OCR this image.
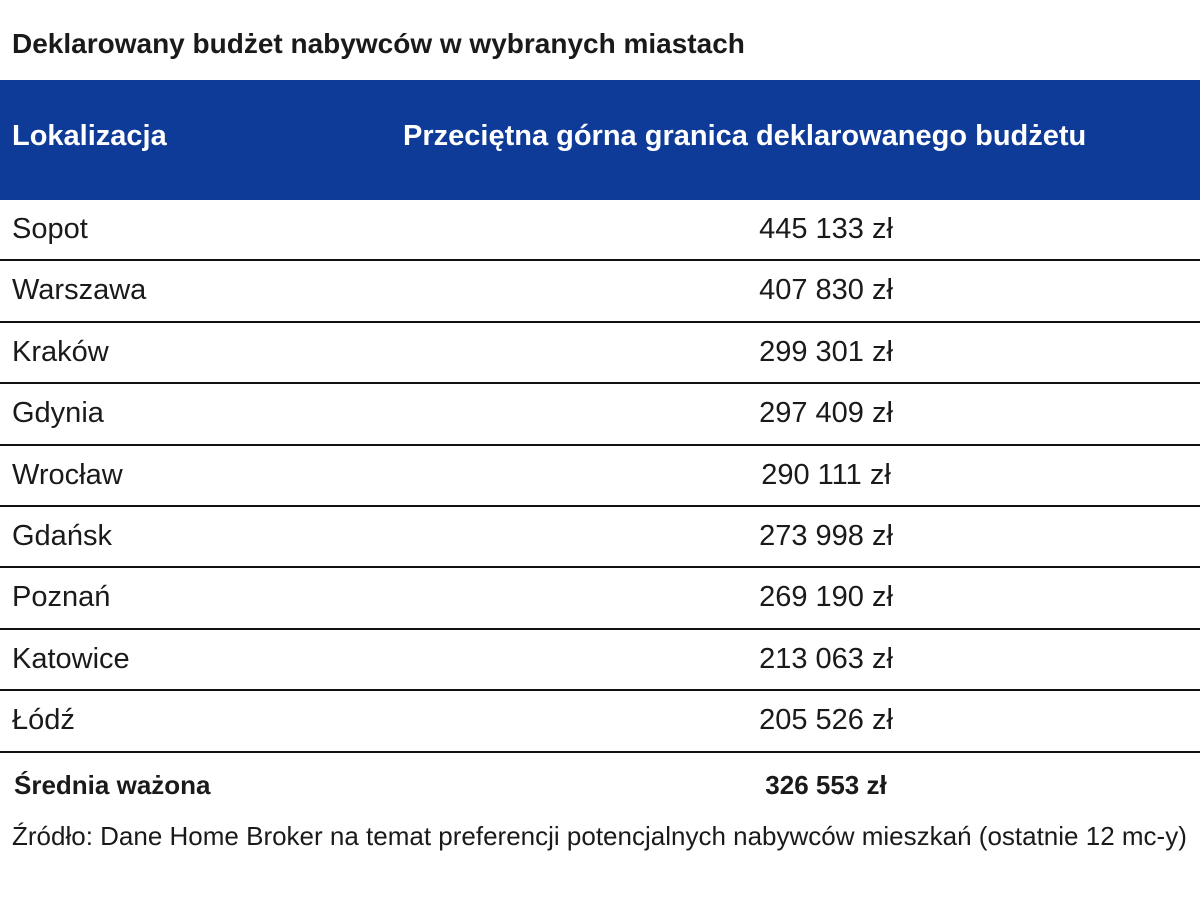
Deklarowany budżet nabywców w wybranych miastach
Lokalizacja	Przeciętna górna granica deklarowanego budżetu
Sopot	445 133 zł
Warszawa	407 830 zł
Kraków	299 301 zł
Gdynia	297 409 zł
Wrocław	290 111 zł
Gdańsk	273 998 zł
Poznań	269 190 zł
Katowice	213 063 zł
Łódź	205 526 zł
Średnia ważona	326 553 zł
Źródło: Dane Home Broker na temat preferencji potencjalnych nabywców mieszkań (ostatnie 12 mc-y)
